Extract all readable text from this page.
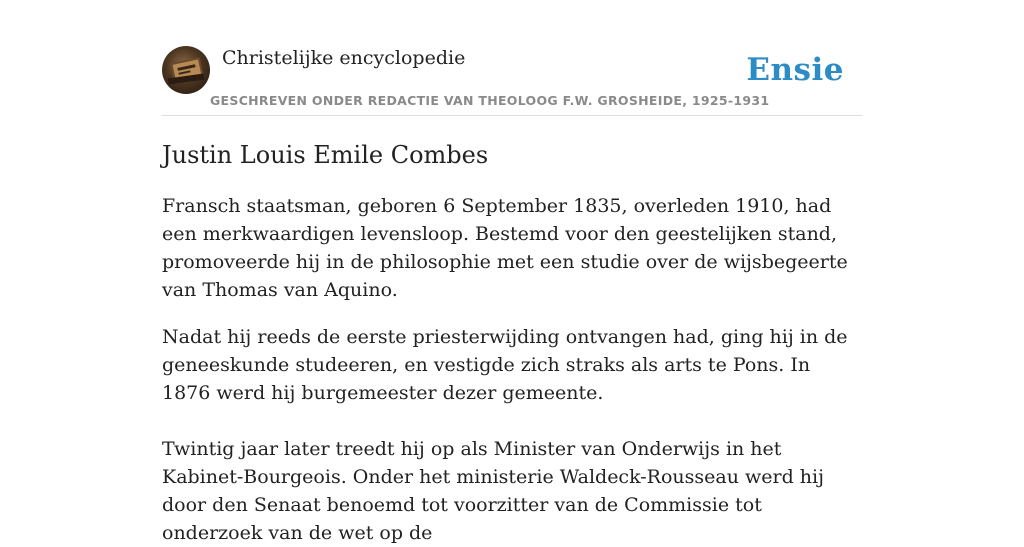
Christelijke encyclopedie
GESCHREVEN ONDER REDACTIE VAN THEOLOOG F.W. GROSHEIDE, 1925-1931
Ensie
Justin Louis Emile Combes

Fransch staatsman, geboren 6 September 1835, overleden 1910, had een merkwaardigen levensloop. Bestemd voor den geestelijken stand, promoveerde hij in de philosophie met een studie over de wijsbegeerte van Thomas van Aquino.

Nadat hij reeds de eerste priesterwijding ontvangen had, ging hij in de geneeskunde studeeren, en vestigde zich straks als arts te Pons. In 1876 werd hij burgemeester dezer gemeente.

Twintig jaar later treedt hij op als Minister van Onderwijs in het Kabinet-Bourgeois. Onder het ministerie Waldeck-Rousseau werd hij door den Senaat benoemd tot voorzitter van de Commissie tot onderzoek van de wet op de
